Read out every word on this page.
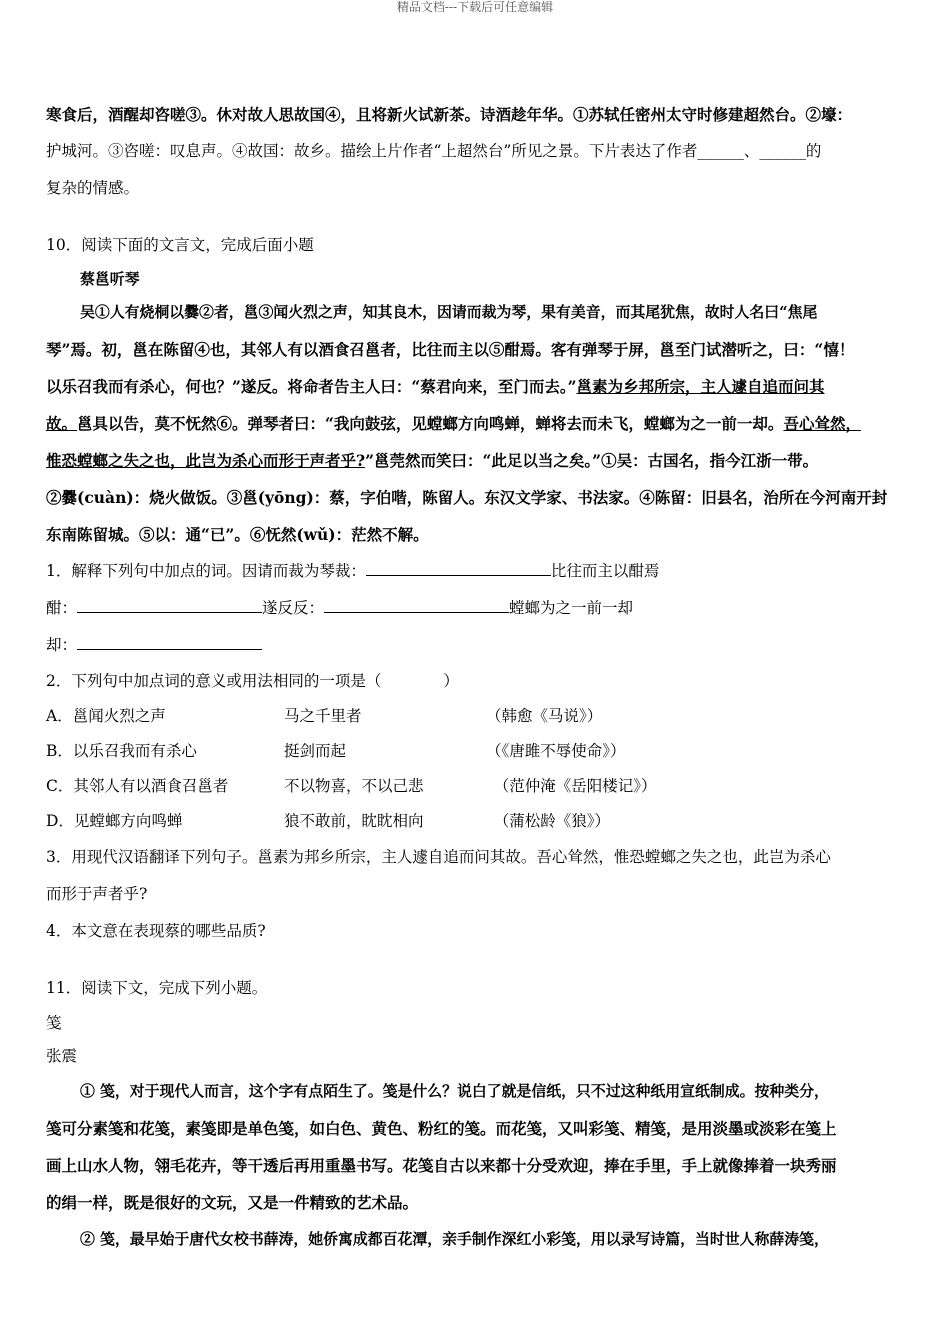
精品文档---下载后可任意编辑
寒食后，酒醒却咨嗟③。休对故人思故国④，且将新火试新茶。诗酒趁年华。①苏轼任密州太守时修建超然台。②壕：
护城河。③咨嗟：叹息声。④故国：故乡。描绘上片作者“上超然台”所见之景。下片表达了作者______、______的
复杂的情感。
10．阅读下面的文言文，完成后面小题
蔡邕听琴
吴①人有烧桐以爨②者，邕③闻火烈之声，知其良木，因请而裁为琴，果有美音，而其尾犹焦，故时人名曰“焦尾
琴”焉。初，邕在陈留④也，其邻人有以酒食召邕者，比往而主以⑤酣焉。客有弹琴于屏，邕至门试潜听之，曰：“憘！
以乐召我而有杀心，何也？”遂反。将命者告主人曰：“蔡君向来，至门而去。”邕素为乡邦所宗，主人遽自追而问其
故。邕具以告，莫不怃然⑥。弹琴者曰：“我向鼓弦，见螳螂方向鸣蝉，蝉将去而未飞，螳螂为之一前一却。吾心耸然，
惟恐螳螂之失之也，此岂为杀心而形于声者乎?”邕莞然而笑曰：“此足以当之矣。”①吴：古国名，指今江浙一带。
②爨(cuàn)：烧火做饭。③邕(yōng)：蔡，字伯喈，陈留人。东汉文学家、书法家。④陈留：旧县名，治所在今河南开封
东南陈留城。⑤以：通“已”。⑥怃然(wǔ)：茫然不解。
1．解释下列句中加点的词。因请而裁为琴裁：	比往而主以酣焉
酣：	遂反反：	螳螂为之一前一却
却：
2．下列句中加点词的意义或用法相同的一项是（　　　　）
A．邕闻火烈之声	马之千里者	（韩愈《马说》）
B．以乐召我而有杀心	挺剑而起	（《唐雎不辱使命》）
C．其邻人有以酒食召邕者	不以物喜，不以己悲	　（范仲淹《岳阳楼记》）
D．见螳螂方向鸣蝉	狼不敢前，眈眈相向	　（蒲松龄《狼》）
3．用现代汉语翻译下列句子。邕素为邦乡所宗，主人遽自追而问其故。吾心耸然，惟恐螳螂之失之也，此岂为杀心
而形于声者乎?
4．本文意在表现蔡的哪些品质?
11．阅读下文，完成下列小题。
笺
张震
① 笺，对于现代人而言，这个字有点陌生了。笺是什么？说白了就是信纸，只不过这种纸用宣纸制成。按种类分，
笺可分素笺和花笺，素笺即是单色笺，如白色、黄色、粉红的笺。而花笺，又叫彩笺、精笺，是用淡墨或淡彩在笺上
画上山水人物，翎毛花卉，等干透后再用重墨书写。花笺自古以来都十分受欢迎，捧在手里，手上就像捧着一块秀丽
的绢一样，既是很好的文玩，又是一件精致的艺术品。
② 笺，最早始于唐代女校书薛涛，她侨寓成都百花潭，亲手制作深红小彩笺，用以录写诗篇，当时世人称薛涛笺，
